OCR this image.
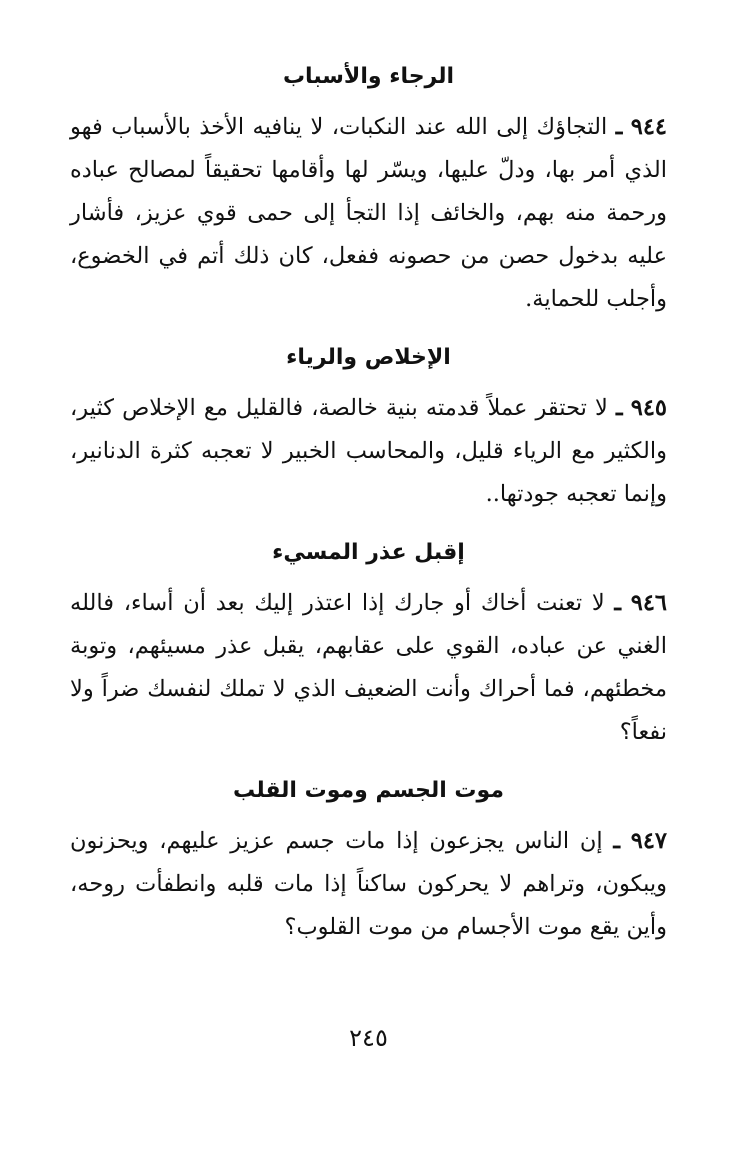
الرجاء والأسباب

٩٤٤ ـ التجاؤك إلى الله عند النكبات، لا ينافيه الأخذ بالأسباب فهو الذي أمر بها، ودلّ عليها، ويسّر لها وأقامها تحقيقاً لمصالح عباده ورحمة منه بهم، والخائف إذا التجأ إلى حمى قوي عزيز، فأشار عليه بدخول حصن من حصونه ففعل، كان ذلك أتم في الخضوع، وأجلب للحماية.

الإخلاص والرياء

٩٤٥ ـ لا تحتقر عملاً قدمته بنية خالصة، فالقليل مع الإخلاص كثير، والكثير مع الرياء قليل، والمحاسب الخبير لا تعجبه كثرة الدنانير، وإنما تعجبه جودتها..

إقبل عذر المسيء

٩٤٦ ـ لا تعنت أخاك أو جارك إذا اعتذر إليك بعد أن أساء، فالله الغني عن عباده، القوي على عقابهم، يقبل عذر مسيئهم، وتوبة مخطئهم، فما أحراك وأنت الضعيف الذي لا تملك لنفسك ضراً ولا نفعاً؟

موت الجسم وموت القلب

٩٤٧ ـ إن الناس يجزعون إذا مات جسم عزيز عليهم، ويحزنون ويبكون، وتراهم لا يحركون ساكناً إذا مات قلبه وانطفأت روحه، وأين يقع موت الأجسام من موت القلوب؟

٢٤٥
